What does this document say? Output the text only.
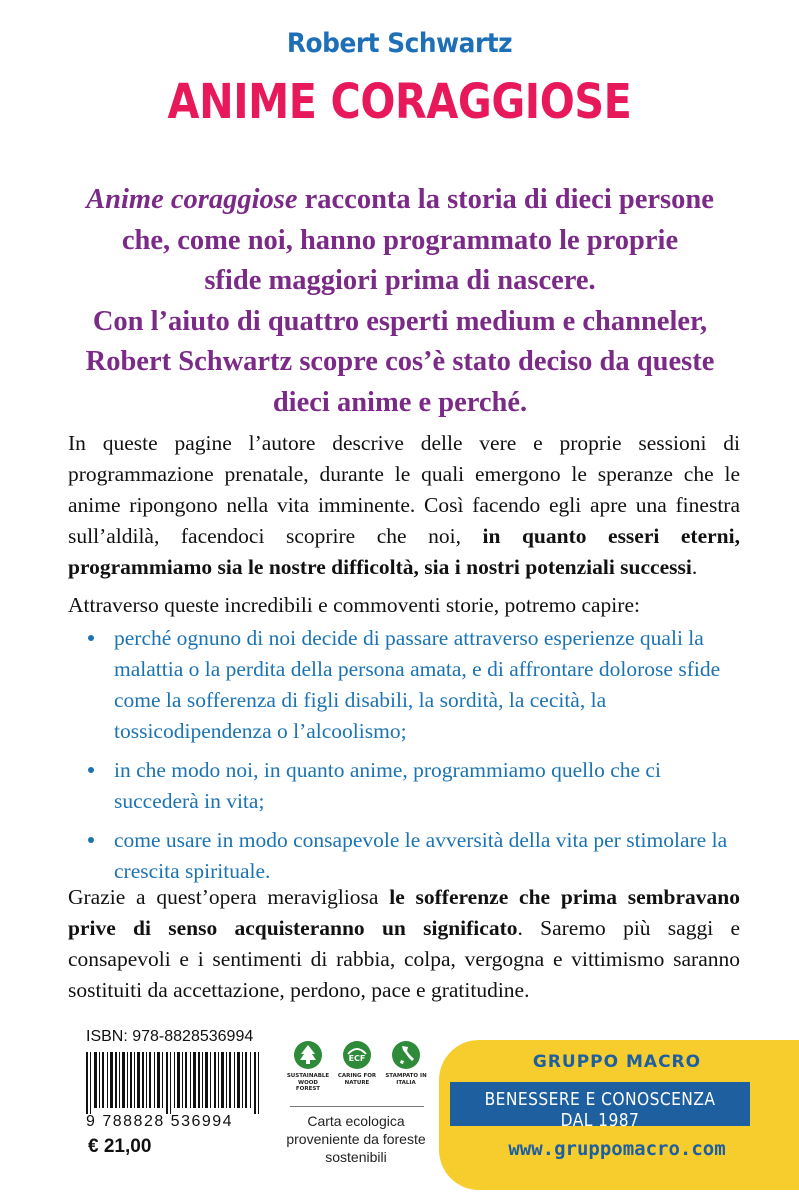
Robert Schwartz
ANIME CORAGGIOSE
Anime coraggiose racconta la storia di dieci persone
che, come noi, hanno programmato le proprie
sfide maggiori prima di nascere.
Con l’aiuto di quattro esperti medium e channeler,
Robert Schwartz scopre cos’è stato deciso da queste
dieci anime e perché.
In queste pagine l’autore descrive delle vere e proprie sessioni di programmazione prenatale, durante le quali emergono le speranze che le anime ripongono nella vita imminente. Così facendo egli apre una finestra sull’aldilà, facendoci scoprire che noi, in quanto esseri eterni, programmiamo sia le nostre difficoltà, sia i nostri potenziali successi.
Attraverso queste incredibili e commoventi storie, potremo capire:
perché ognuno di noi decide di passare attraverso esperienze quali la malattia o la perdita della persona amata, e di affrontare dolorose sfide come la sofferenza di figli disabili, la sordità, la cecità, la tossicodipendenza o l’alcoolismo;
in che modo noi, in quanto anime, programmiamo quello che ci succederà in vita;
come usare in modo consapevole le avversità della vita per stimolare la crescita spirituale.
Grazie a quest’opera meravigliosa le sofferenze che prima sembravano prive di senso acquisteranno un significato. Saremo più saggi e consapevoli e i sentimenti di rabbia, colpa, vergogna e vittimismo saranno sostituiti da accettazione, perdono, pace e gratitudine.
ISBN: 978-8828536994
9 788828 536994
€ 21,00
SUSTAINABLE WOOD FOREST
ECF
CARING FOR NATURE
STAMPATO IN ITALIA
Carta ecologica proveniente da foreste sostenibili
GRUPPO MACRO
BENESSERE E CONOSCENZA DAL 1987
www.gruppomacro.com
